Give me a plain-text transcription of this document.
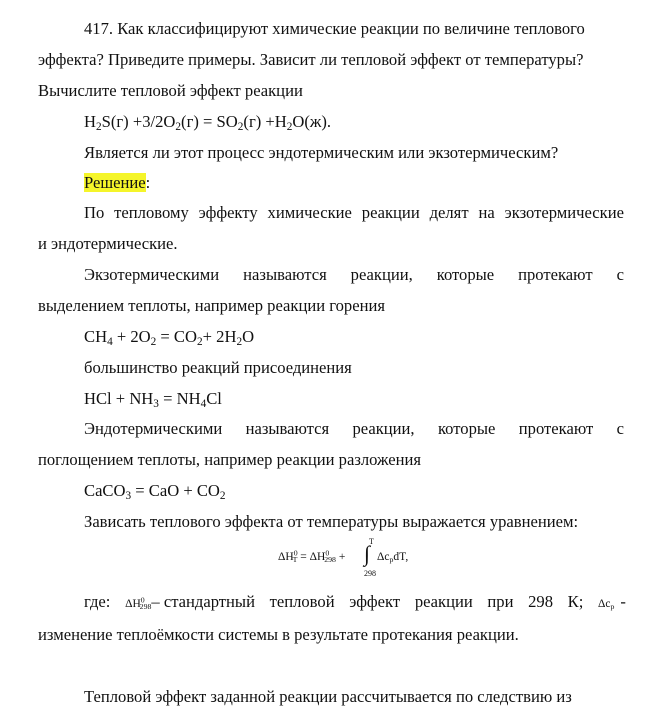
417. Как классифицируют химические реакции по величине теплового
эффекта? Приведите примеры. Зависит ли тепловой эффект от температуры?
Вычислите тепловой эффект реакции
$H_2S(г) +3/2O_2(г) = SO_2(г) +H_2O(ж)$.
Является ли этот процесс эндотермическим или экзотермическим?
Решение:
По тепловому эффекту химические реакции делят на экзотермические
и эндотермические.
Экзотермическими называются реакции, которые протекают с
выделением теплоты, например реакции горения
$CH_4 + 2O_2 = CO_2+ 2H_2O$
большинство реакций присоединения
HCl + $NH_3 = NH_4Cl$
Эндотермическими называются реакции, которые протекают с
поглощением теплоты, например реакции разложения
CaCO$_3$ = CaO + $CO_2$
Зависать теплового эффекта от температуры выражается уравнением:
$\Delta H^0_T = \Delta H^0_{298}$ + ∫
T
298
$\Delta c_pdT$,
где: $\Delta H^0_{298}$ – стандартный тепловой эффект реакции при 298 К; $\Delta c_p$ -
изменение теплоёмкости системы в результате протекания реакции.
Тепловой эффект заданной реакции рассчитывается по следствию из
